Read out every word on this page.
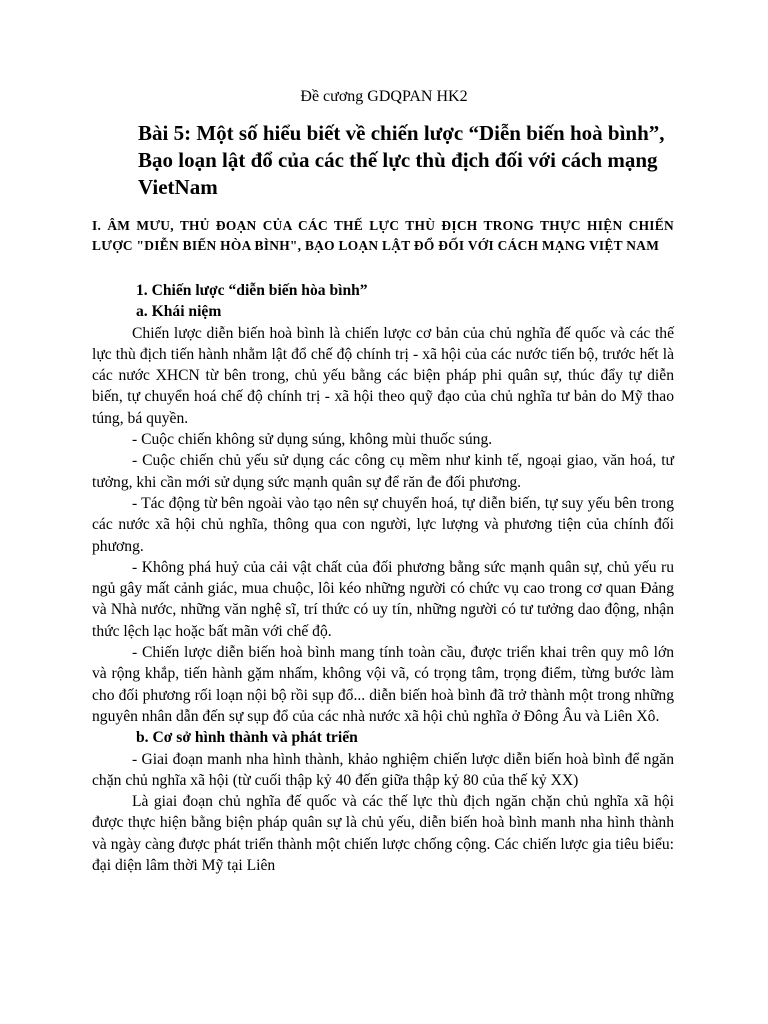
Đề cương GDQPAN HK2
Bài 5: Một số hiểu biết về chiến lược “Diễn biến hoà bình”, Bạo loạn lật đổ của các thế lực thù địch đối với cách mạng VietNam
I. ÂM MƯU, THỦ ĐOẠN CỦA CÁC THẾ LỰC THÙ ĐỊCH TRONG THỰC HIỆN CHIẾN LƯỢC "DIỄN BIẾN HÒA BÌNH", BẠO LOẠN LẬT ĐỔ ĐỐI VỚI CÁCH MẠNG VIỆT NAM

1. Chiến lược “diễn biến hòa bình”

a. Khái niệm

Chiến lược diễn biến hoà bình là chiến lược cơ bản của chủ nghĩa đế quốc và các thế lực thù địch tiến hành nhằm lật đổ chế độ chính trị - xã hội của các nước tiến bộ, trước hết là các nước XHCN từ bên trong, chủ yếu bằng các biện pháp phi quân sự, thúc đẩy tự diễn biến, tự chuyển hoá chế độ chính trị - xã hội theo quỹ đạo của chủ nghĩa tư bản do Mỹ thao túng, bá quyền.

- Cuộc chiến không sử dụng súng, không mùi thuốc súng.

- Cuộc chiến chủ yếu sử dụng các công cụ mềm như kinh tế, ngoại giao, văn hoá, tư tưởng, khi cần mới sử dụng sức mạnh quân sự để răn đe đối phương.

- Tác động từ bên ngoài vào tạo nên sự chuyển hoá, tự diễn biến, tự suy yếu bên trong các nước xã hội chủ nghĩa, thông qua con người, lực lượng và phương tiện của chính đối phương.

- Không phá huỷ của cải vật chất của đối phương bằng sức mạnh quân sự, chủ yếu ru ngủ gây mất cảnh giác, mua chuộc, lôi kéo những người có chức vụ cao trong cơ quan Đảng và Nhà nước, những văn nghệ sĩ, trí thức có uy tín, những người có tư tưởng dao động, nhận thức lệch lạc hoặc bất mãn với chế độ.

- Chiến lược diễn biến hoà bình mang tính toàn cầu, được triển khai trên quy mô lớn và rộng khắp, tiến hành gặm nhấm, không vội vã, có trọng tâm, trọng điểm, từng bước làm cho đối phương rối loạn nội bộ rồi sụp đổ... diễn biến hoà bình đã trở thành một trong những nguyên nhân dẫn đến sự sụp đổ của các nhà nước xã hội chủ nghĩa ở Đông Âu và Liên Xô.

b. Cơ sở hình thành và phát triển

- Giai đoạn manh nha hình thành, khảo nghiệm chiến lược diễn biến hoà bình để ngăn chặn chủ nghĩa xã hội (từ cuối thập kỷ 40 đến giữa thập kỷ 80 của thế kỷ XX)

Là giai đoạn chủ nghĩa đế quốc và các thế lực thù địch ngăn chặn chủ nghĩa xã hội được thực hiện bằng biện pháp quân sự là chủ yếu, diễn biến hoà bình manh nha hình thành và ngày càng được phát triển thành một chiến lược chống cộng. Các chiến lược gia tiêu biểu: đại diện lâm thời Mỹ tại Liên
